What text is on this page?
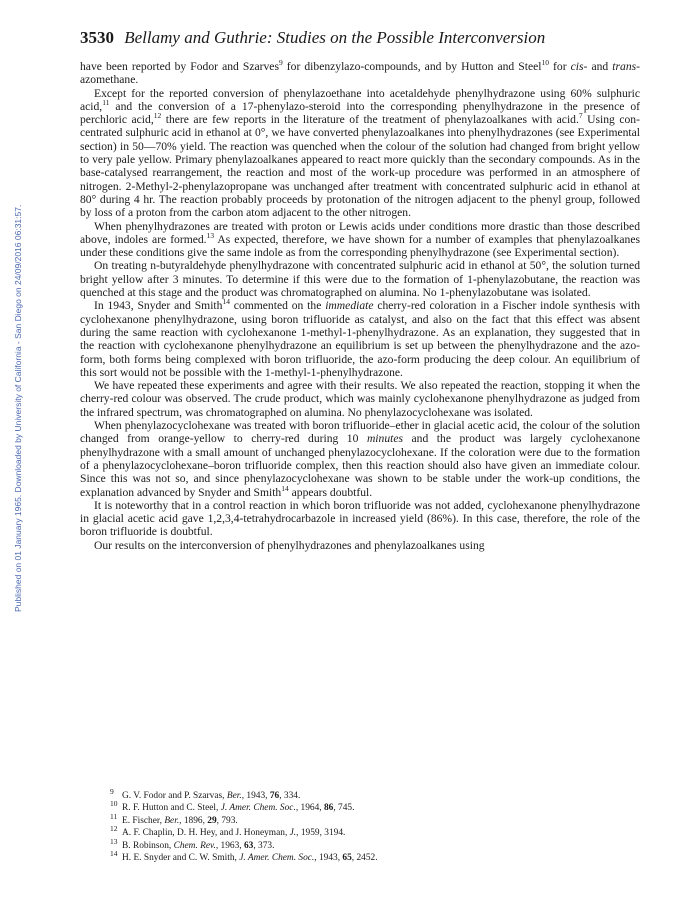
3530 Bellamy and Guthrie: Studies on the Possible Interconversion
Published on 01 January 1965. Downloaded by University of California - San Diego on 24/09/2016 06:31:57.

have been reported by Fodor and Szarves$^9$ for dibenzylazo-compounds, and by Hutton and Steel$^{10}$ for cis- and trans-azomethane.

Except for the reported conversion of phenylazoethane into acetaldehyde phenylhydrazone using 60% sulphuric acid,$^{11}$ and the conversion of a 17-phenylazo-steroid into the corresponding phenylhydrazone in the presence of perchloric acid,$^{12}$ there are few reports in the literature of the treatment of phenylazoalkanes with acid.$^7$ Using concentrated sulphuric acid in ethanol at 0°, we have converted phenylazoalkanes into phenylhydrazones (see Experimental section) in 50—70% yield. The reaction was quenched when the colour of the solution had changed from bright yellow to very pale yellow. Primary phenylazoalkanes appeared to react more quickly than the secondary compounds. As in the base-catalysed rearrangement, the reaction and most of the work-up procedure was performed in an atmosphere of nitrogen. 2-Methyl-2-phenylazopropane was unchanged after treatment with concentrated sulphuric acid in ethanol at 80° during 4 hr. The reaction probably proceeds by protonation of the nitrogen adjacent to the phenyl group, followed by loss of a proton from the carbon atom adjacent to the other nitrogen.

When phenylhydrazones are treated with proton or Lewis acids under conditions more drastic than those described above, indoles are formed.$^{13}$ As expected, therefore, we have shown for a number of examples that phenylazoalkanes under these conditions give the same indole as from the corresponding phenylhydrazone (see Experimental section).

On treating n-butyraldehyde phenylhydrazone with concentrated sulphuric acid in ethanol at 50°, the solution turned bright yellow after 3 minutes. To determine if this were due to the formation of 1-phenylazobutane, the reaction was quenched at this stage and the product was chromatographed on alumina. No 1-phenylazobutane was isolated.

In 1943, Snyder and Smith$^{14}$ commented on the immediate cherry-red coloration in a Fischer indole synthesis with cyclohexanone phenylhydrazone, using boron trifluoride as catalyst, and also on the fact that this effect was absent during the same reaction with cyclohexanone 1-methyl-1-phenylhydrazone. As an explanation, they suggested that in the reaction with cyclohexanone phenylhydrazone an equilibrium is set up between the phenylhydrazone and the azo-form, both forms being complexed with boron trifluoride, the azo-form producing the deep colour. An equilibrium of this sort would not be possible with the 1-methyl-1-phenylhydrazone.

We have repeated these experiments and agree with their results. We also repeated the reaction, stopping it when the cherry-red colour was observed. The crude product, which was mainly cyclohexanone phenylhydrazone as judged from the infrared spectrum, was chromatographed on alumina. No phenylazocyclohexane was isolated.

When phenylazocyclohexane was treated with boron trifluoride–ether in glacial acetic acid, the colour of the solution changed from orange-yellow to cherry-red during 10 minutes and the product was largely cyclohexanone phenylhydrazone with a small amount of unchanged phenylazocyclohexane. If the coloration were due to the formation of a phenylazocyclohexane–boron trifluoride complex, then this reaction should also have given an immediate colour. Since this was not so, and since phenylazocyclohexane was shown to be stable under the work-up conditions, the explanation advanced by Snyder and Smith$^{14}$ appears doubtful.

It is noteworthy that in a control reaction in which boron trifluoride was not added, cyclohexanone phenylhydrazone in glacial acetic acid gave 1,2,3,4-tetrahydrocarbazole in increased yield (86%). In this case, therefore, the role of the boron trifluoride is doubtful.

Our results on the interconversion of phenylhydrazones and phenylazoalkanes using

9 G. V. Fodor and P. Szarvas, Ber., 1943, 76, 334.
10 R. F. Hutton and C. Steel, J. Amer. Chem. Soc., 1964, 86, 745.
11 E. Fischer, Ber., 1896, 29, 793.
12 A. F. Chaplin, D. H. Hey, and J. Honeyman, J., 1959, 3194.
13 B. Robinson, Chem. Rev., 1963, 63, 373.
14 H. E. Snyder and C. W. Smith, J. Amer. Chem. Soc., 1943, 65, 2452.
